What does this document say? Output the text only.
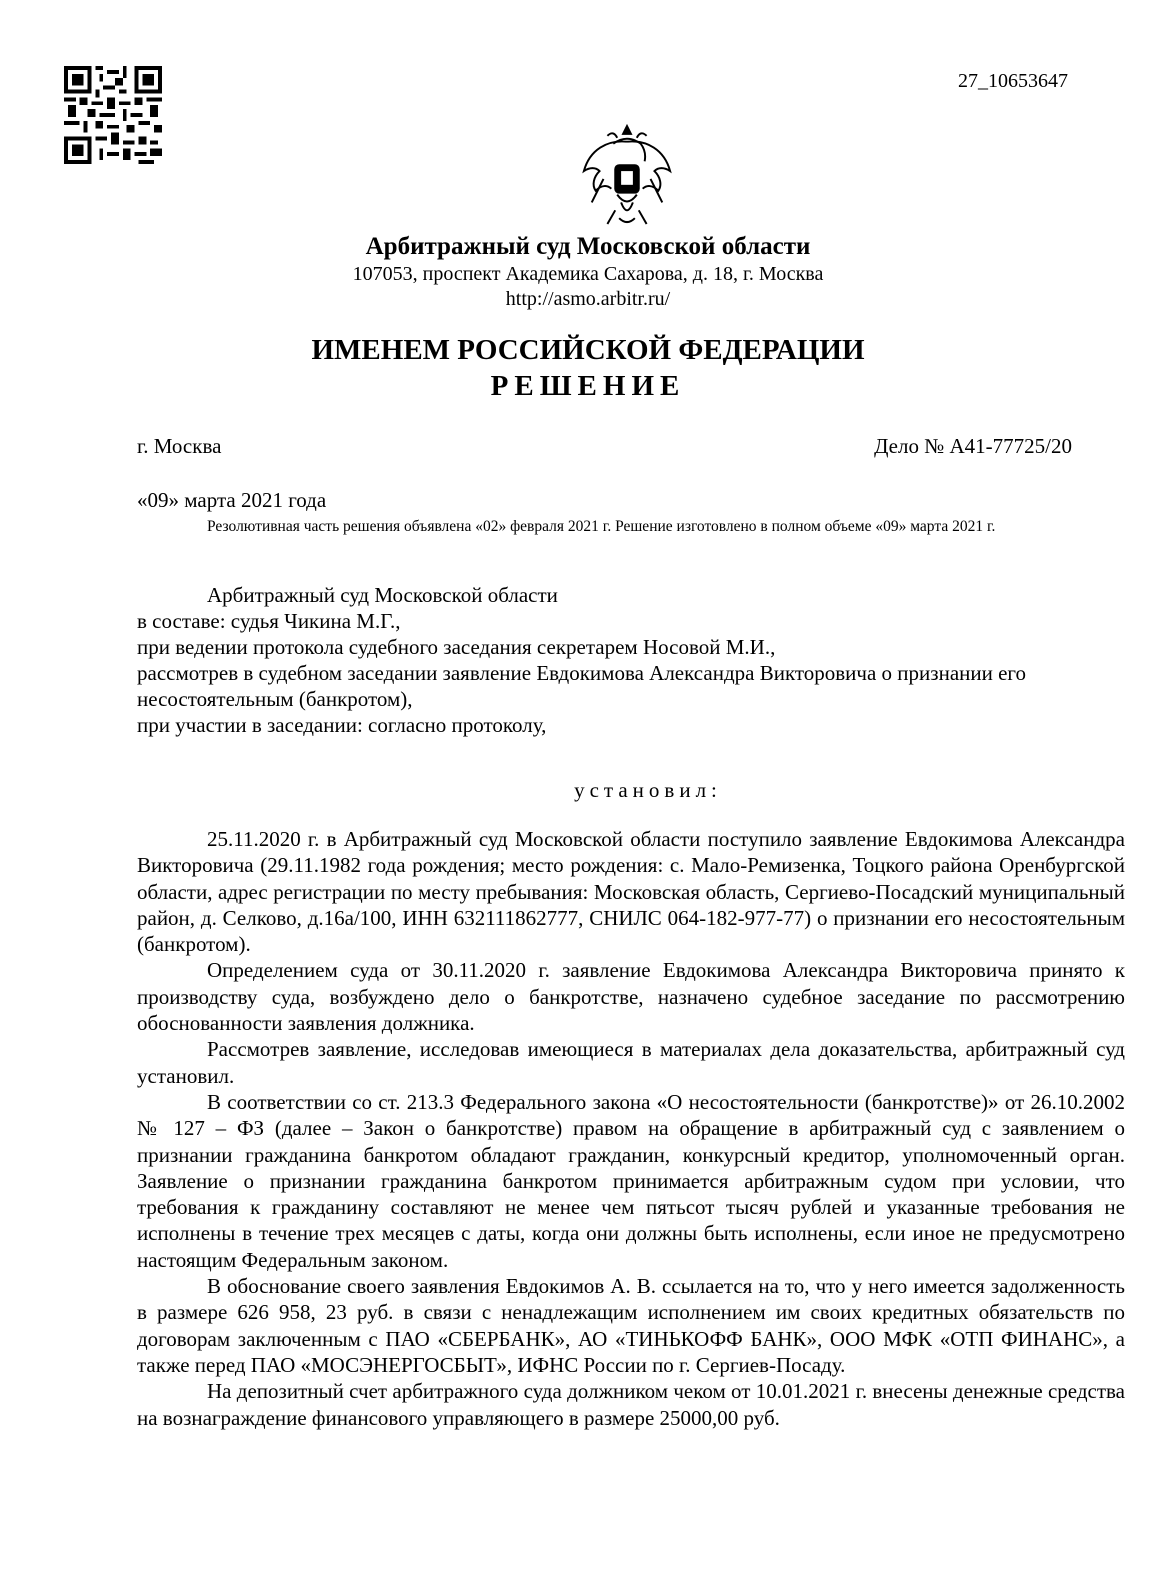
27_10653647
Арбитражный суд Московской области
107053, проспект Академика Сахарова, д. 18, г. Москва
http://asmo.arbitr.ru/
ИМЕНЕМ РОССИЙСКОЙ ФЕДЕРАЦИИ
РЕШЕНИЕ
г. Москва	Дело № А41-77725/20
«09» марта 2021 года
Резолютивная часть решения объявлена «02» февраля 2021 г. Решение изготовлено в полном объеме «09» марта 2021 г.

Арбитражный суд Московской области

в составе: судья Чикина М.Г.,

при ведении протокола судебного заседания секретарем Носовой М.И.,

рассмотрев в судебном заседании заявление Евдокимова Александра Викторовича о признании его несостоятельным (банкротом),

при участии в заседании: согласно протоколу,

установил:

25.11.2020 г. в Арбитражный суд Московской области поступило заявление Евдокимова Александра Викторовича (29.11.1982 года рождения; место рождения: с. Мало-Ремизенка, Тоцкого района Оренбургской области, адрес регистрации по месту пребывания: Московская область, Сергиево-Посадский муниципальный район, д. Селково, д.16а/100, ИНН 632111862777, СНИЛС 064-182-977-77) о признании его несостоятельным (банкротом).

Определением суда от 30.11.2020 г. заявление Евдокимова Александра Викторовича принято к производству суда, возбуждено дело о банкротстве, назначено судебное заседание по рассмотрению обоснованности заявления должника.

Рассмотрев заявление, исследовав имеющиеся в материалах дела доказательства, арбитражный суд установил.

В соответствии со ст. 213.3 Федерального закона «О несостоятельности (банкротстве)» от 26.10.2002 № 127 – ФЗ (далее – Закон о банкротстве) правом на обращение в арбитражный суд с заявлением о признании гражданина банкротом обладают гражданин, конкурсный кредитор, уполномоченный орган. Заявление о признании гражданина банкротом принимается арбитражным судом при условии, что требования к гражданину составляют не менее чем пятьсот тысяч рублей и указанные требования не исполнены в течение трех месяцев с даты, когда они должны быть исполнены, если иное не предусмотрено настоящим Федеральным законом.

В обоснование своего заявления Евдокимов А. В. ссылается на то, что у него имеется задолженность в размере 626 958, 23 руб. в связи с ненадлежащим исполнением им своих кредитных обязательств по договорам заключенным с ПАО «СБЕРБАНК», АО «ТИНЬКОФФ БАНК», ООО МФК «ОТП ФИНАНС», а также перед ПАО «МОСЭНЕРГОСБЫТ», ИФНС России по г. Сергиев-Посаду.

На депозитный счет арбитражного суда должником чеком от 10.01.2021 г. внесены денежные средства на вознаграждение финансового управляющего в размере 25000,00 руб.
